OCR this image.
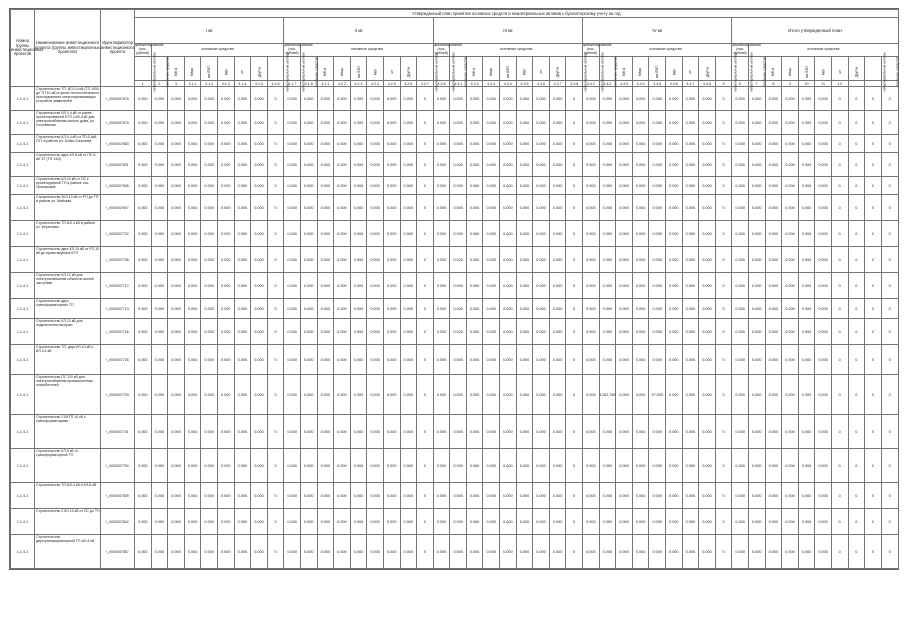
Номер группы инвестиционных проектов	Наименование инвестиционного проекта (группы инвестиционных проектов)	Идентификатор инвестиционного проекта	Утвержденный план принятия основных средств и нематериальных активов к бухгалтерскому учету на год																																														
			I кв									II кв									III кв									IV кв									Итого утвержденный план										
			финансирование (тыс. рублей)	основные средства								финансирование (тыс. рублей)	основные средства								финансирование (тыс. рублей)	основные средства								финансирование (тыс. рублей)	основные средства								финансирование (тыс. рублей)	основные средства									
			нематериальные активы	основные средства	МВ·А	Мвар	км ЛЭП	МВт	шт	Другое	нематериальные активы	нематериальные активы	основные средства	МВ·А	Мвар	км ЛЭП	МВт	шт	Другое	нематериальные активы	нематериальные активы	основные средства	МВ·А	Мвар	км ЛЭП	МВт	шт	Другое	нематериальные активы	нематериальные активы	основные средства	МВ·А	Мвар	км ЛЭП	МВт	шт	Другое	нематериальные активы	нематериальные активы	основные средства	МВ·А	Мвар	км ЛЭП	МВт	шт	Другое	нематериальные активы	основные средства	
			1	2	3	4.1.1	4.1.2	4.1.3	4.1.4	4.1.5	4.1.6	4.1.7	4.1.8	4.2.1	4.2.2	4.2.3	4.2.4	4.2.5	4.2.6	4.2.7	4.2.8	4.3.1	4.3.2	4.3.3	4.3.4	4.3.5	4.3.6	4.3.7	4.3.8	4.4.1	4.4.2	4.4.3	4.4.4	4.4.5	4.4.6	4.4.7	4.4.8	5	6	7	8	9	10	11	12						
1.1.4.1	Строительство ТП, ВЛ-0,4 кВ (ТП 1004 до ТП 10 кВ) в целях технологического присоединения энергопринимающих устройств заявителей	I_0000007676	0.000	0.000	0.000	0.000	0.000	0.000	0.000	0.000	0	0.000	0.000	0.000	0.000	0.000	0.000	0.000	0.000	0	0.000	0.000	0.000	0.000	0.000	0.000	0.000	0.000	0	0.000	0.000	0.000	0.000	0.000	0.000	0.000	0.000	0	0.000	0.000	0.000	0.000	0.000	0.000	0	0	0	0	
1.1.4.1	Строительство ВЛ 0,4 кВ от ранее проектированной КТП 10/0,4 кВ для электроснабжения жилого дома, ул. Гоголевская	I_0000007679	0.000	0.000	0.000	0.000	0.000	0.000	0.000	0.000	0	0.000	0.000	0.000	0.000	0.000	0.000	0.000	0.000	0	0.000	0.000	0.000	0.000	0.000	0.000	0.000	0.000	0	0.000	0.000	0.000	0.000	0.000	0.000	0.000	0.000	0	0.000	0.000	0.000	0.000	0.000	0.000	0	0	0	0	
1.1.4.1	Строительство КЛ-0,4 кВ от ТП-0,4кВ ПТ1 в районе ул. Бойко-Сазонова	I_0000007683	0.000	0.000	0.000	0.000	0.000	0.000	0.000	0.000	0	0.000	0.000	0.000	0.000	0.000	0.000	0.000	0.000	0	0.000	0.000	0.000	0.000	0.000	0.000	0.000	0.000	0	0.000	0.000	0.000	0.000	0.000	0.000	0.000	0.000	0	0.000	0.000	0.000	0.000	0.000	0.000	0	0	0	0	
1.1.4.1	Строительство двух КЛ-6 кВ от ПС-6 кВ ЭТ (ТП 14/3)	I_0000007691	0.000	0.000	0.000	0.000	0.000	0.000	0.000	0.000	0	0.000	0.000	0.000	0.000	0.000	0.000	0.000	0.000	0	0.000	0.000	0.000	0.000	0.000	0.000	0.000	0.000	0	0.000	0.000	0.000	0.000	0.000	0.000	0.000	0.000	0	0.000	0.000	0.000	0.000	0.000	0.000	0	0	0	0	
1.1.4.1	Строительство КЛ-10 кВ от ПС к проектируемой ТП в районе пос. Пионерский	I_0000007695	0.000	0.000	0.000	0.000	0.000	0.000	0.000	0.000	0	0.000	0.000	0.000	0.000	0.000	0.000	0.000	0.000	0	0.000	0.000	0.000	0.000	0.000	0.000	0.000	0.000	0	0.000	0.000	0.000	0.000	0.000	0.000	0.000	0.000	0	0.000	0.000	0.000	0.000	0.000	0.000	0	0	0	0	
1.1.4.1	Строительство 2КЛ-10 кВ от РП до ТП в районе ул. Майская	I_0000007697	0.000	0.000	0.000	0.000	0.000	0.000	0.000	0.000	0	0.000	0.000	0.000	0.000	0.000	0.000	0.000	0.000	0	0.000	0.000	0.000	0.000	0.000	0.000	0.000	0.000	0	0.000	0.000	0.000	0.000	0.000	0.000	0.000	0.000	0	0.000	0.000	0.000	0.000	0.000	0.000	0	0	0	0	
1.1.4.1	Строительство ТП-6/0,4 кВ в районе ул. Береговая	I_0000007702	0.000	0.000	0.000	0.000	0.000	0.000	0.000	0.000	0	0.000	0.000	0.000	0.000	0.000	0.000	0.000	0.000	0	0.000	0.000	0.000	0.000	0.000	0.000	0.000	0.000	0	0.000	0.000	0.000	0.000	0.000	0.000	0.000	0.000	0	0.000	0.000	0.000	0.000	0.000	0.000	0	0	0	0	
1.1.4.1	Строительство двух КЛ-10 кВ от РП-10 кВ до проектируемой КТП	I_0000007708	0.000	0.000	0.000	0.000	0.000	0.000	0.000	0.000	0	0.000	0.000	0.000	0.000	0.000	0.000	0.000	0.000	0	0.000	0.000	0.000	0.000	0.000	0.000	0.000	0.000	0	0.000	0.000	0.000	0.000	0.000	0.000	0.000	0.000	0	0.000	0.000	0.000	0.000	0.000	0.000	0	0	0	0	
1.1.4.1	Строительство КЛ-10 кВ для электроснабжения объектов жилой застройки	I_0000007712	0.000	0.000	0.000	0.000	0.000	0.000	0.000	0.000	0	0.000	0.000	0.000	0.000	0.000	0.000	0.000	0.000	0	0.000	0.000	0.000	0.000	0.000	0.000	0.000	0.000	0	0.000	0.000	0.000	0.000	0.000	0.000	0.000	0.000	0	0.000	0.000	0.000	0.000	0.000	0.000	0	0	0	0	
1.1.4.1	Строительство двух трансформаторных ТП	I_0000007713	0.000	0.000	0.000	0.000	0.000	0.000	0.000	0.000	0	0.000	0.000	0.000	0.000	0.000	0.000	0.000	0.000	0	0.000	0.000	0.000	0.000	0.000	0.000	0.000	0.000	0	0.000	0.000	0.000	0.000	0.000	0.000	0.000	0.000	0	0.000	0.000	0.000	0.000	0.000	0.000	0	0	0	0	
1.1.4.1	Строительство КЛ-10 кВ для подключения нагрузки	I_0000007716	0.000	0.000	0.000	0.000	0.000	0.000	0.000	0.000	0	0.000	0.000	0.000	0.000	0.000	0.000	0.000	0.000	0	0.000	0.000	0.000	0.000	0.000	0.000	0.000	0.000	0	0.000	0.000	0.000	0.000	0.000	0.000	0.000	0.000	0	0.000	0.000	0.000	0.000	0.000	0.000	0	0	0	0	
1.1.4.1	Строительство ТП, двух КЛ-10 кВ и ВЛ-0,4 кВ	I_0000007726	0.000	0.000	0.000	0.000	0.000	0.000	0.000	0.000	0	0.000	0.000	0.000	0.000	0.000	0.000	0.000	0.000	0	0.000	0.000	0.000	0.000	0.000	0.000	0.000	0.000	0	0.000	0.000	0.000	0.000	0.000	0.000	0.000	0.000	0	0.000	0.000	0.000	0.000	0.000	0.000	0	0	0	0	
1.1.4.1	Строительство ПС 110 кВ для электроснабжения промышленных потребителей	I_0000007734	0.000	0.000	0.000	0.000	0.000	0.000	0.000	0.000	0	0.000	0.000	0.000	0.000	0.000	0.000	0.000	0.000	0	0.000	0.000	0.000	0.000	0.000	0.000	0.000	0.000	0	0.000	1262.758	0.000	0.000	57.000	0.000	0.000	0.000	0	0.000	0.000	0.000	0.000	0.000	0.000	0	0	0	0	
1.1.4.1	Строительство 2 БКТП 10 кВ с трансформаторами	I_0000007741	0.000	0.000	0.000	0.000	0.000	0.000	0.000	0.000	0	0.000	0.000	0.000	0.000	0.000	0.000	0.000	0.000	0	0.000	0.000	0.000	0.000	0.000	0.000	0.000	0.000	0	0.000	0.000	0.000	0.000	0.000	0.000	0.000	0.000	0	0.000	0.000	0.000	0.000	0.000	0.000	0	0	0	0	
1.1.4.1	Строительство КЛ-6 кВ от трансформаторной ТП	I_0000007750	0.000	0.000	0.000	0.000	0.000	0.000	0.000	0.000	0	0.000	0.000	0.000	0.000	0.000	0.000	0.000	0.000	0	0.000	0.000	0.000	0.000	0.000	0.000	0.000	0.000	0	0.000	0.000	0.000	0.000	0.000	0.000	0.000	0.000	0	0.000	0.000	0.000	0.000	0.000	0.000	0	0	0	0	
1.1.4.1	Строительство ТП-6/0,4 кВ и КЛ-6 кВ	I_0000007839	0.000	0.000	0.000	0.000	0.000	0.000	0.000	0.000	0	0.000	0.000	0.000	0.000	0.000	0.000	0.000	0.000	0	0.000	0.000	0.000	0.000	0.000	0.000	0.000	0.000	0	0.000	0.000	0.000	0.000	0.000	0.000	0.000	0.000	0	0.000	0.000	0.000	0.000	0.000	0.000	0	0	0	0	
1.1.4.1	Строительство 2 КЛ-10 кВ от ПС до ТП	I_0000007842	0.000	0.000	0.000	0.000	0.000	0.000	0.000	0.000	0	0.000	0.000	0.000	0.000	0.000	0.000	0.000	0.000	0	0.000	0.000	0.000	0.000	0.000	0.000	0.000	0.000	0	0.000	0.000	0.000	0.000	0.000	0.000	0.000	0.000	0	0.000	0.000	0.000	0.000	0.000	0.000	0	0	0	0	
1.1.4.1	Строительство двухтрансформаторной ТП-6/0,4 кВ	I_0000007857	0.000	0.000	0.000	0.000	0.000	0.000	0.000	0.000	0	0.000	0.000	0.000	0.000	0.000	0.000	0.000	0.000	0	0.000	0.000	0.000	0.000	0.000	0.000	0.000	0.000	0	0.000	0.000	0.000	0.000	0.000	0.000	0.000	0.000	0	0.000	0.000	0.000	0.000	0.000	0.000	0	0	0	0	
